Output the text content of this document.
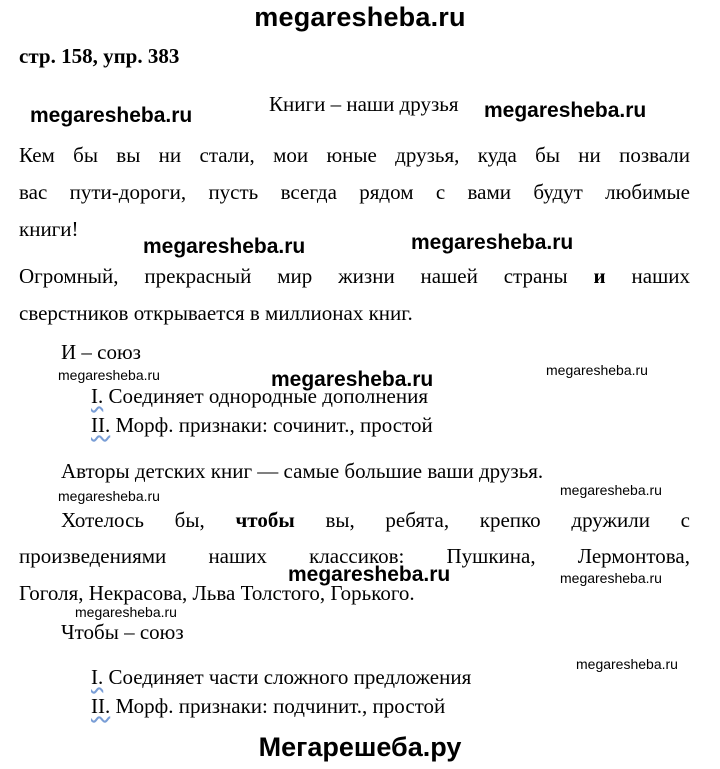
megaresheba.ru
стр. 158, упр. 383
megaresheba.ru	Книги – наши друзья megaresheba.ru
Кем бы вы ни стали, мои юные друзья, куда бы ни позвали
вас пути-дороги, пусть всегда рядом с вами будут любимые
книги!
megaresheba.ru	megaresheba.ru
Огромный, прекрасный мир жизни нашей страны и наших
сверстников открывается в миллионах книг.
И – союз
megaresheba.ru	megaresheba.ru	megaresheba.ru
I. Соединяет однородные дополнения
II. Морф. признаки: сочинит., простой
Авторы детских книг — самые большие ваши друзья.
megaresheba.ru	megaresheba.ru
Хотелось бы, чтобы вы, ребята, крепко дружили с
произведениями наших классиков: Пушкина, Лермонтова,
megaresheba.ru	megaresheba.ru
Гоголя, Некрасова, Льва Толстого, Горького.
megaresheba.ru
Чтобы – союз
megaresheba.ru
I. Соединяет части сложного предложения
II. Морф. признаки: подчинит., простой
Мегарешеба.ру
